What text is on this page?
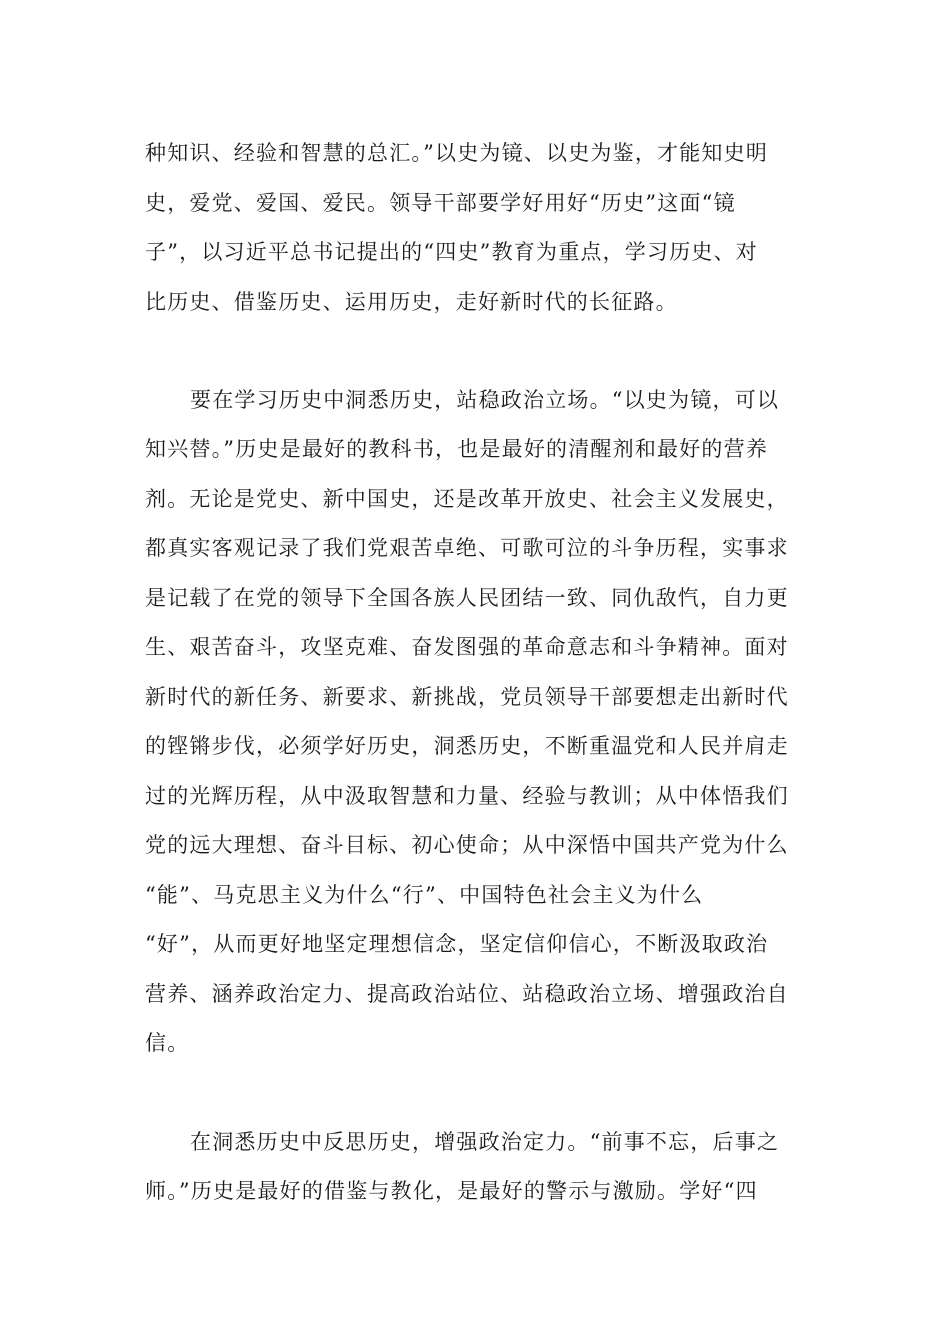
种知识、经验和智慧的总汇。”以史为镜、以史为鉴，才能知史明
史，爱党、爱国、爱民。领导干部要学好用好“历史”这面“镜
子”，以习近平总书记提出的“四史”教育为重点，学习历史、对
比历史、借鉴历史、运用历史，走好新时代的长征路。
要在学习历史中洞悉历史，站稳政治立场。“以史为镜，可以
知兴替。”历史是最好的教科书，也是最好的清醒剂和最好的营养
剂。无论是党史、新中国史，还是改革开放史、社会主义发展史，
都真实客观记录了我们党艰苦卓绝、可歌可泣的斗争历程，实事求
是记载了在党的领导下全国各族人民团结一致、同仇敌忾，自力更
生、艰苦奋斗，攻坚克难、奋发图强的革命意志和斗争精神。面对
新时代的新任务、新要求、新挑战，党员领导干部要想走出新时代
的铿锵步伐，必须学好历史，洞悉历史，不断重温党和人民并肩走
过的光辉历程，从中汲取智慧和力量、经验与教训；从中体悟我们
党的远大理想、奋斗目标、初心使命；从中深悟中国共产党为什么
“能”、马克思主义为什么“行”、中国特色社会主义为什么
“好”，从而更好地坚定理想信念，坚定信仰信心，不断汲取政治
营养、涵养政治定力、提高政治站位、站稳政治立场、增强政治自
信。
在洞悉历史中反思历史，增强政治定力。“前事不忘，后事之
师。”历史是最好的借鉴与教化，是最好的警示与激励。学好“四
